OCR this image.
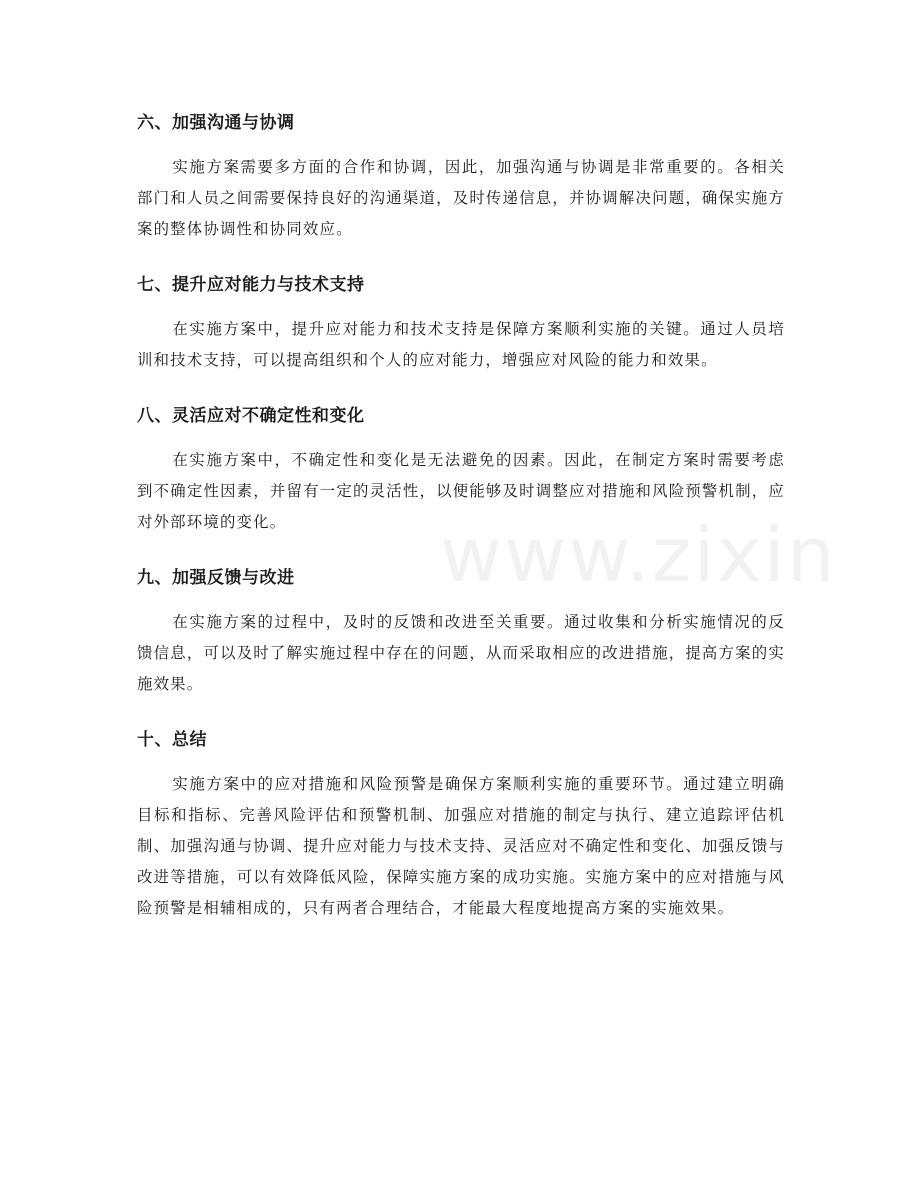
六、加强沟通与协调

实施方案需要多方面的合作和协调，因此，加强沟通与协调是非常重要的。各相关部门和人员之间需要保持良好的沟通渠道，及时传递信息，并协调解决问题，确保实施方案的整体协调性和协同效应。

七、提升应对能力与技术支持

在实施方案中，提升应对能力和技术支持是保障方案顺利实施的关键。通过人员培训和技术支持，可以提高组织和个人的应对能力，增强应对风险的能力和效果。

八、灵活应对不确定性和变化

在实施方案中，不确定性和变化是无法避免的因素。因此，在制定方案时需要考虑到不确定性因素，并留有一定的灵活性，以便能够及时调整应对措施和风险预警机制，应对外部环境的变化。

九、加强反馈与改进

在实施方案的过程中，及时的反馈和改进至关重要。通过收集和分析实施情况的反馈信息，可以及时了解实施过程中存在的问题，从而采取相应的改进措施，提高方案的实施效果。

十、总结

实施方案中的应对措施和风险预警是确保方案顺利实施的重要环节。通过建立明确目标和指标、完善风险评估和预警机制、加强应对措施的制定与执行、建立追踪评估机制、加强沟通与协调、提升应对能力与技术支持、灵活应对不确定性和变化、加强反馈与改进等措施，可以有效降低风险，保障实施方案的成功实施。实施方案中的应对措施与风险预警是相辅相成的，只有两者合理结合，才能最大程度地提高方案的实施效果。

www.zixin
